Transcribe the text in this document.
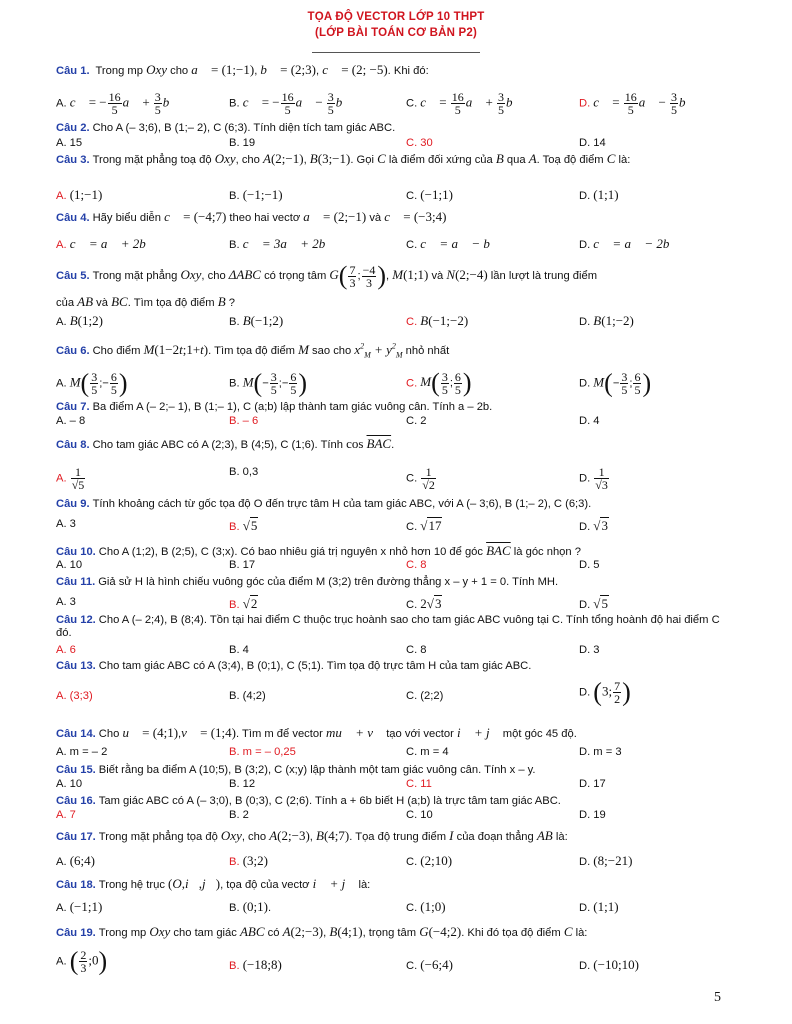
TỌA ĐỘ VECTOR LỚP 10 THPT
(LỚP BÀI TOÁN CƠ BẢN P2)
Câu 1. Trong mp Oxy cho a⃗ = (1;−1), b⃗ = (2;3), c⃗ = (2; −5). Khi đó:
A. c⃗ = − $\frac{16}{5}$ a⃗ + $\frac{3}{5}$ b⃗	B. c⃗ = − $\frac{16}{5}$ a⃗ − $\frac{3}{5}$ b⃗	C. c⃗ = $\frac{16}{5}$ a⃗ + $\frac{3}{5}$ b⃗	D. c⃗ = $\frac{16}{5}$ a⃗ − $\frac{3}{5}$ b⃗
Câu 2. Cho A (– 3;6), B (1;– 2), C (6;3). Tính diện tích tam giác ABC.
A. 15	B. 19	C. 30	D. 14
Câu 3. Trong mặt phẳng toạ độ Oxy, cho A(2;−1), B(3;−1). Gọi C là điểm đối xứng của B qua A. Toạ độ điểm C là:
A. (1;−1)	B. (−1;−1)	C. (−1;1)	D. (1;1)
Câu 4. Hãy biểu diễn c⃗ = (−4;7) theo hai vectơ a⃗ = (2;−1) và c⃗ = (−3;4)
A. c⃗ = a⃗ + 2b⃗	B. c⃗ = 3a⃗ + 2b⃗	C. c⃗ = a⃗ − b⃗	D. c⃗ = a⃗ − 2b⃗
Câu 5. Trong mặt phẳng Oxy, cho ΔABC có trọng tâm $G( \frac{7}{3}$ ; $\frac{-4}{3}$ ), M(1;1) và N(2;−4) lần lượt là trung điểm
của AB và BC. Tìm tọa độ điểm B ?
A. B(1;2)	B. B(−1;2)	C. B(−1;−2)	D. B(1;−2)
Câu 6. Cho điểm M(1−2t;1+t). Tìm tọa độ điểm M sao cho $x^2_M + y^2_M$ nhỏ nhất
A. $M( \frac{3}{5}$ ;− $\frac{6}{5}$ )	B. $M(- \frac{3}{5}$ ;− $\frac{6}{5}$ )	C. $M( \frac{3}{5}$ ; $\frac{6}{5}$ )	D. $M(- \frac{3}{5}$ ; $\frac{6}{5}$ )
Câu 7. Ba điểm A (– 2;– 1), B (1;– 1), C (a;b) lập thành tam giác vuông cân. Tính a – 2b.
A. – 8	B. – 6	C. 2	D. 4
Câu 8. Cho tam giác ABC có A (2;3), B (4;5), C (1;6). Tính $\cos \overline{BAC}$.
A. $\frac{1}{√5}$	B. 0,3
C. $\frac{1}{√2}$	D. $\frac{1}{√3}$
Câu 9. Tính khoảng cách từ gốc tọa độ O đến trực tâm H của tam giác ABC, với A (– 3;6), B (1;– 2), C (6;3).
A. 3	B. √5	C. √17	D. √3
Câu 10. Cho A (1;2), B (2;5), C (3;x). Có bao nhiêu giá trị nguyên x nhỏ hơn 10 để góc $\overline{BAC}$ là góc nhọn ?
A. 10	B. 17	C. 8	D. 5
Câu 11. Giả sử H là hình chiếu vuông góc của điểm M (3;2) trên đường thẳng x – y + 1 = 0. Tính MH.
A. 3	B. √2	C. 2√3	D. √5
Câu 12. Cho A (– 2;4), B (8;4). Tồn tại hai điểm C thuộc trục hoành sao cho tam giác ABC vuông tại C. Tính tổng hoành độ hai điểm C đó.
A. 6	B. 4	C. 8	D. 3
Câu 13. Cho tam giác ABC có A (3;4), B (0;1), C (5;1). Tìm tọa độ trực tâm H của tam giác ABC.
A. (3;3)	B. (4;2)	C. (2;2)	D. (3; $\frac{7}{2}$ )
Câu 14. Cho u⃗ = (4;1),v⃗ = (1;4). Tìm m để vector mu⃗ + v⃗ tạo với vector i⃗ + j⃗ một góc 45 độ.
A. m = – 2	B. m = – 0,25	C. m = 4	D. m = 3
Câu 15. Biết rằng ba điểm A (10;5), B (3;2), C (x;y) lập thành một tam giác vuông cân. Tính x – y.
A. 10	B. 12	C. 11	D. 17
Câu 16. Tam giác ABC có A (– 3;0), B (0;3), C (2;6). Tính a + 6b biết H (a;b) là trực tâm tam giác ABC.
A. 7	B. 2	C. 10	D. 19
Câu 17. Trong mặt phẳng tọa độ Oxy, cho A(2;−3), B(4;7). Tọa độ trung điểm I của đoạn thẳng AB là:
A. (6;4)	B. (3;2)	C. (2;10)	D. (8;−21)
Câu 18. Trong hệ trục (O,i⃗,j⃗), tọa độ của vectơ i⃗ + j⃗ là:
A. (−1;1)	B. (0;1).	C. (1;0)	D. (1;1)
Câu 19. Trong mp Oxy cho tam giác ABC có A(2;−3), B(4;1), trọng tâm G(−4;2). Khi đó tọa độ điểm C là:
A. ( $\frac{2}{3}$ ;0)	B. (−18;8)	C. (−6;4)	D. (−10;10)
5
